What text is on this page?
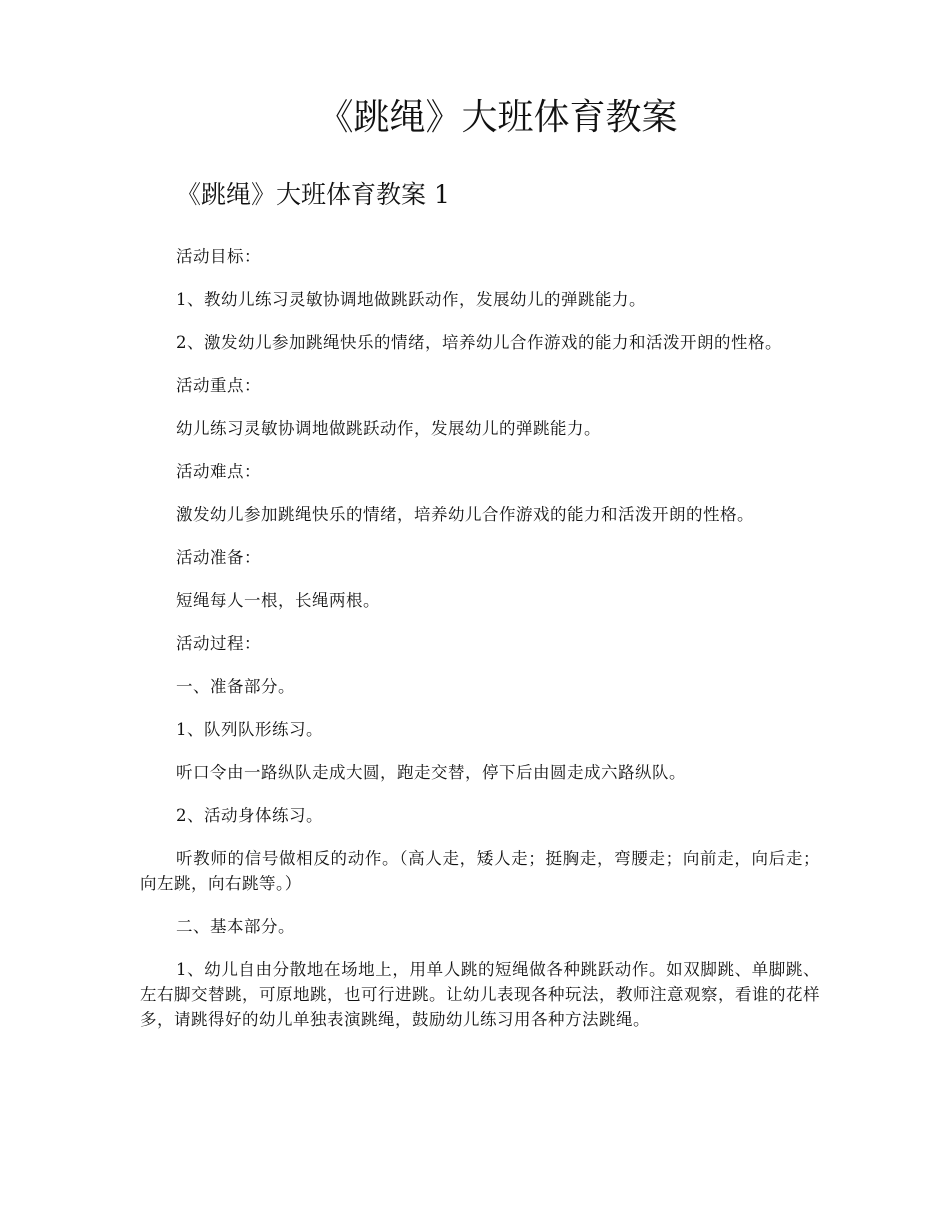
《跳绳》大班体育教案
《跳绳》大班体育教案 1

活动目标：

1、教幼儿练习灵敏协调地做跳跃动作，发展幼儿的弹跳能力。

2、激发幼儿参加跳绳快乐的情绪，培养幼儿合作游戏的能力和活泼开朗的性格。

活动重点：

幼儿练习灵敏协调地做跳跃动作，发展幼儿的弹跳能力。

活动难点：

激发幼儿参加跳绳快乐的情绪，培养幼儿合作游戏的能力和活泼开朗的性格。

活动准备：

短绳每人一根，长绳两根。

活动过程：

一、准备部分。

1、队列队形练习。

听口令由一路纵队走成大圆，跑走交替，停下后由圆走成六路纵队。

2、活动身体练习。

听教师的信号做相反的动作。（高人走，矮人走；挺胸走，弯腰走；向前走，向后走；向左跳，向右跳等。）

二、基本部分。

1、幼儿自由分散地在场地上，用单人跳的短绳做各种跳跃动作。如双脚跳、单脚跳、左右脚交替跳，可原地跳，也可行进跳。让幼儿表现各种玩法，教师注意观察，看谁的花样多，请跳得好的幼儿单独表演跳绳，鼓励幼儿练习用各种方法跳绳。
